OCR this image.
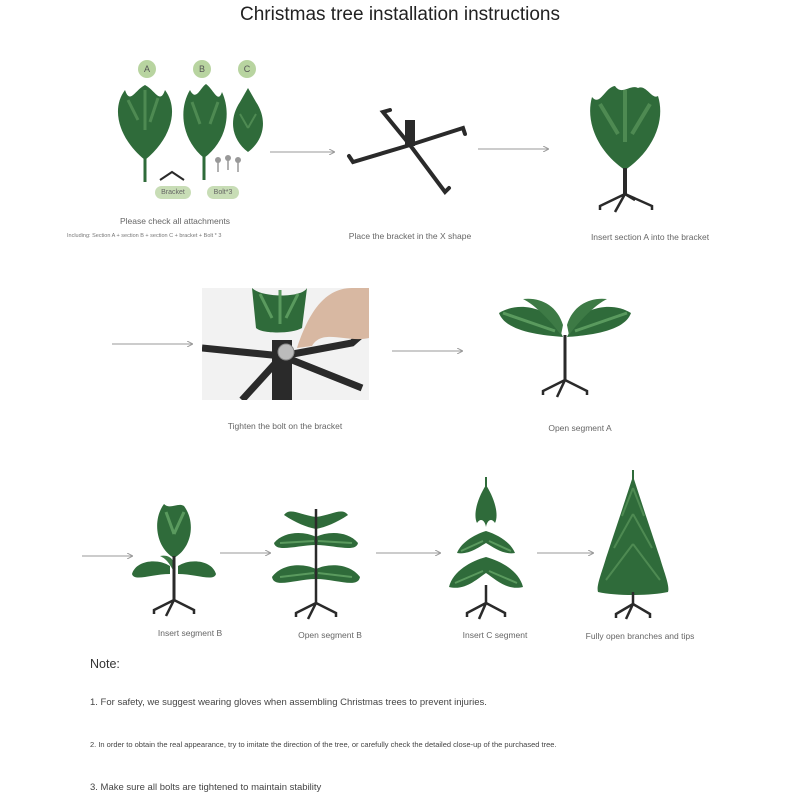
Christmas tree installation instructions
A	B	C
Bracket	Bolt*3
Please check all attachments
Including: Section A + section B + section C + bracket + Bolt * 3	Place the bracket in the X shape	Insert section A into the bracket
Tighten the bolt on the bracket	Open segment A
Insert segment B	Open segment B	Insert C segment	Fully open branches and tips
Note:
1. For safety, we suggest wearing gloves when assembling Christmas trees to prevent injuries.
2. In order to obtain the real appearance, try to imitate the direction of the tree, or carefully check the detailed close-up of the purchased tree.
3. Make sure all bolts are tightened to maintain stability
